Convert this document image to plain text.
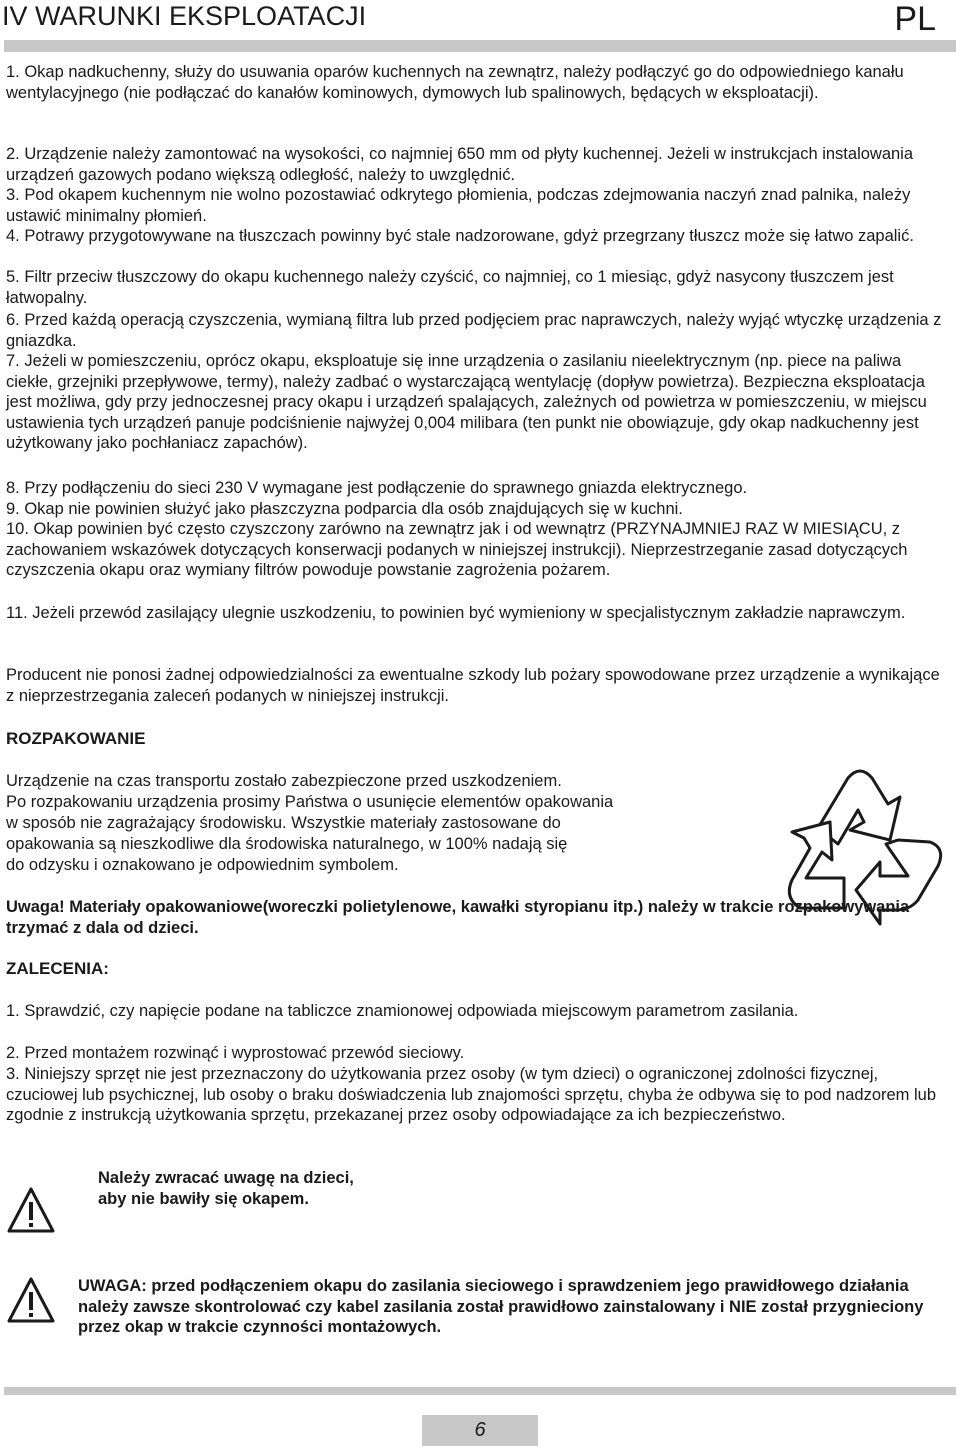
IV WARUNKI EKSPLOATACJI	PL

1. Okap nadkuchenny, służy do usuwania oparów kuchennych na zewnątrz, należy podłączyć go do odpowiedniego kanału wentylacyjnego (nie podłączać do kanałów kominowych, dymowych lub spalinowych, będących w eksploatacji).

2. Urządzenie należy zamontować na wysokości, co najmniej 650 mm od płyty kuchennej. Jeżeli w instrukcjach instalowania urządzeń gazowych podano większą odległość, należy to uwzględnić.

3. Pod okapem kuchennym nie wolno pozostawiać odkrytego płomienia, podczas zdejmowania naczyń znad palnika, należy ustawić minimalny płomień.

4. Potrawy przygotowywane na tłuszczach powinny być stale nadzorowane, gdyż przegrzany tłuszcz może się łatwo zapalić.

5. Filtr przeciw tłuszczowy do okapu kuchennego należy czyścić, co najmniej, co 1 miesiąc, gdyż nasycony tłuszczem jest łatwopalny.

6. Przed każdą operacją czyszczenia, wymianą filtra lub przed podjęciem prac naprawczych, należy wyjąć wtyczkę urządzenia z gniazdka.

7. Jeżeli w pomieszczeniu, oprócz okapu, eksploatuje się inne urządzenia o zasilaniu nieelektrycznym (np. piece na paliwa ciekłe, grzejniki przepływowe, termy), należy zadbać o wystarczającą wentylację (dopływ powietrza). Bezpieczna eksploatacja jest możliwa, gdy przy jednoczesnej pracy okapu i urządzeń spalających, zależnych od powietrza w pomieszczeniu, w miejscu ustawienia tych urządzeń panuje podciśnienie najwyżej 0,004 milibara (ten punkt nie obowiązuje, gdy okap nadkuchenny jest użytkowany jako pochłaniacz zapachów).

8. Przy podłączeniu do sieci 230 V wymagane jest podłączenie do sprawnego gniazda elektrycznego.

9. Okap nie powinien służyć jako płaszczyzna podparcia dla osób znajdujących się w kuchni.

10. Okap powinien być często czyszczony zarówno na zewnątrz jak i od wewnątrz (PRZYNAJMNIEJ RAZ W MIESIĄCU, z zachowaniem wskazówek dotyczących konserwacji podanych w niniejszej instrukcji). Nieprzestrzeganie zasad dotyczących czyszczenia okapu oraz wymiany filtrów powoduje powstanie zagrożenia pożarem.

11. Jeżeli przewód zasilający ulegnie uszkodzeniu, to powinien być wymieniony w specjalistycznym zakładzie naprawczym.

Producent nie ponosi żadnej odpowiedzialności za ewentualne szkody lub pożary spowodowane przez urządzenie a wynikające z nieprzestrzegania zaleceń podanych w niniejszej instrukcji.

ROZPAKOWANIE

Urządzenie na czas transportu zostało zabezpieczone przed uszkodzeniem.

Po rozpakowaniu urządzenia prosimy Państwa o usunięcie elementów opakowania

w sposób nie zagrażający środowisku. Wszystkie materiały zastosowane do

opakowania są nieszkodliwe dla środowiska naturalnego, w 100% nadają się

do odzysku i oznakowano je odpowiednim symbolem.

Uwaga! Materiały opakowaniowe(woreczki polietylenowe, kawałki styropianu itp.) należy w trakcie rozpakowywania trzymać z dala od dzieci.

ZALECENIA:

1. Sprawdzić, czy napięcie podane na tabliczce znamionowej odpowiada miejscowym parametrom zasilania.

2. Przed montażem rozwinąć i wyprostować przewód sieciowy.

3. Niniejszy sprzęt nie jest przeznaczony do użytkowania przez osoby (w tym dzieci) o ograniczonej zdolności fizycznej, czuciowej lub psychicznej, lub osoby o braku doświadczenia lub znajomości sprzętu, chyba że odbywa się to pod nadzorem lub zgodnie z instrukcją użytkowania sprzętu, przekazanej przez osoby odpowiadające za ich bezpieczeństwo.

Należy zwracać uwagę na dzieci,

aby nie bawiły się okapem.

UWAGA: przed podłączeniem okapu do zasilania sieciowego i sprawdzeniem jego prawidłowego działania należy zawsze skontrolować czy kabel zasilania został prawidłowo zainstalowany i NIE został przygnieciony przez okap w trakcie czynności montażowych.

6
